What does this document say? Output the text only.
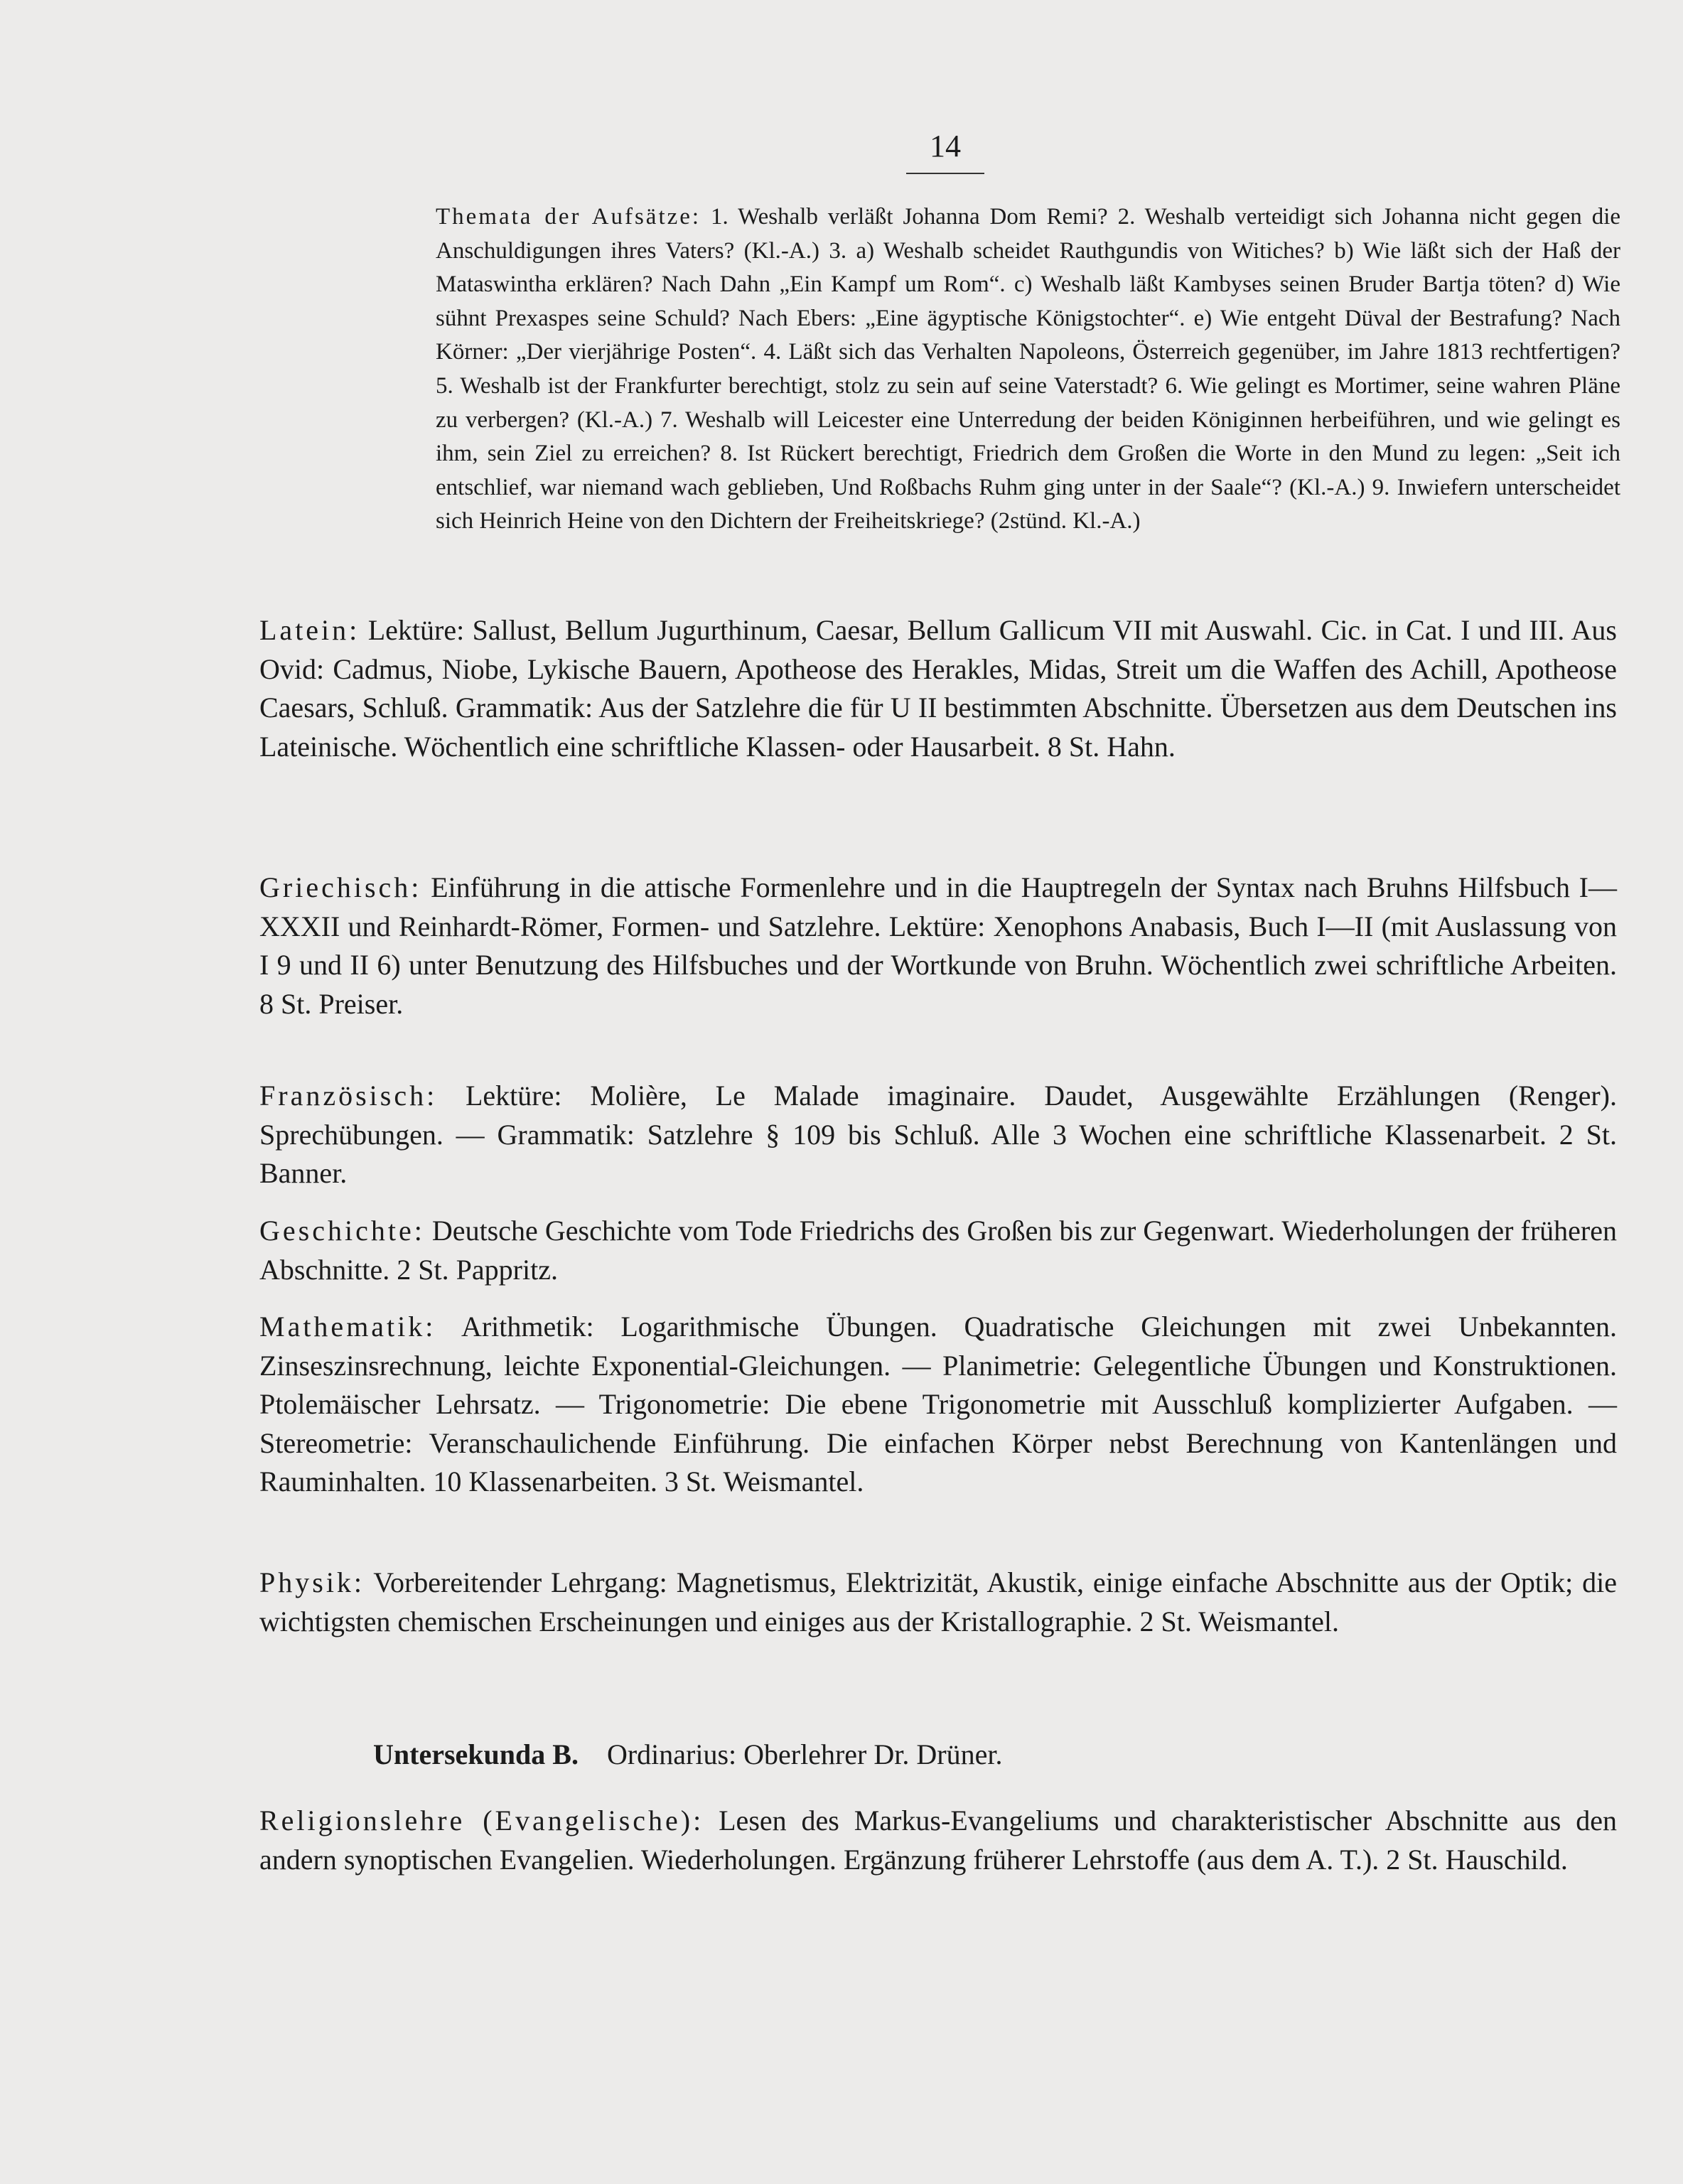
14
Themata der Aufsätze: 1. Weshalb verläßt Johanna Dom Remi? 2. Weshalb verteidigt sich Johanna nicht gegen die Anschuldigungen ihres Vaters? (Kl.-A.) 3. a) Weshalb scheidet Rauthgundis von Witiches? b) Wie läßt sich der Haß der Mataswintha erklären? Nach Dahn „Ein Kampf um Rom“. c) Weshalb läßt Kambyses seinen Bruder Bartja töten? d) Wie sühnt Prexaspes seine Schuld? Nach Ebers: „Eine ägyptische Königstochter“. e) Wie entgeht Düval der Bestrafung? Nach Körner: „Der vierjährige Posten“. 4. Läßt sich das Verhalten Napoleons, Österreich gegenüber, im Jahre 1813 rechtfertigen? 5. Weshalb ist der Frankfurter berechtigt, stolz zu sein auf seine Vaterstadt? 6. Wie gelingt es Mortimer, seine wahren Pläne zu verbergen? (Kl.-A.) 7. Weshalb will Leicester eine Unterredung der beiden Königinnen herbeiführen, und wie gelingt es ihm, sein Ziel zu erreichen? 8. Ist Rückert berechtigt, Friedrich dem Großen die Worte in den Mund zu legen: „Seit ich entschlief, war niemand wach geblieben, Und Roßbachs Ruhm ging unter in der Saale“? (Kl.-A.) 9. Inwiefern unterscheidet sich Heinrich Heine von den Dichtern der Freiheitskriege? (2stünd. Kl.-A.)
Latein: Lektüre: Sallust, Bellum Jugurthinum, Caesar, Bellum Gallicum VII mit Auswahl. Cic. in Cat. I und III. Aus Ovid: Cadmus, Niobe, Lykische Bauern, Apotheose des Herakles, Midas, Streit um die Waffen des Achill, Apotheose Caesars, Schluß. Grammatik: Aus der Satzlehre die für U II bestimmten Abschnitte. Übersetzen aus dem Deutschen ins Lateinische. Wöchentlich eine schriftliche Klassen- oder Hausarbeit. 8 St. Hahn.
Griechisch: Einführung in die attische Formenlehre und in die Hauptregeln der Syntax nach Bruhns Hilfsbuch I—XXXII und Reinhardt-Römer, Formen- und Satzlehre. Lektüre: Xenophons Anabasis, Buch I—II (mit Auslassung von I 9 und II 6) unter Benutzung des Hilfsbuches und der Wortkunde von Bruhn. Wöchentlich zwei schriftliche Arbeiten. 8 St. Preiser.
Französisch: Lektüre: Molière, Le Malade imaginaire. Daudet, Ausgewählte Erzählungen (Renger). Sprechübungen. — Grammatik: Satzlehre § 109 bis Schluß. Alle 3 Wochen eine schriftliche Klassenarbeit. 2 St. Banner.
Geschichte: Deutsche Geschichte vom Tode Friedrichs des Großen bis zur Gegenwart. Wiederholungen der früheren Abschnitte. 2 St. Pappritz.
Mathematik: Arithmetik: Logarithmische Übungen. Quadratische Gleichungen mit zwei Unbekannten. Zinseszinsrechnung, leichte Exponential-Gleichungen. — Planimetrie: Gelegentliche Übungen und Konstruktionen. Ptolemäischer Lehrsatz. — Trigonometrie: Die ebene Trigonometrie mit Ausschluß komplizierter Aufgaben. — Stereometrie: Veranschaulichende Einführung. Die einfachen Körper nebst Berechnung von Kantenlängen und Rauminhalten. 10 Klassenarbeiten. 3 St. Weismantel.
Physik: Vorbereitender Lehrgang: Magnetismus, Elektrizität, Akustik, einige einfache Abschnitte aus der Optik; die wichtigsten chemischen Erscheinungen und einiges aus der Kristallographie. 2 St. Weismantel.
Untersekunda B. Ordinarius: Oberlehrer Dr. Drüner.
Religionslehre (Evangelische): Lesen des Markus-Evangeliums und charakteristischer Abschnitte aus den andern synoptischen Evangelien. Wiederholungen. Ergänzung früherer Lehrstoffe (aus dem A. T.). 2 St. Hauschild.
